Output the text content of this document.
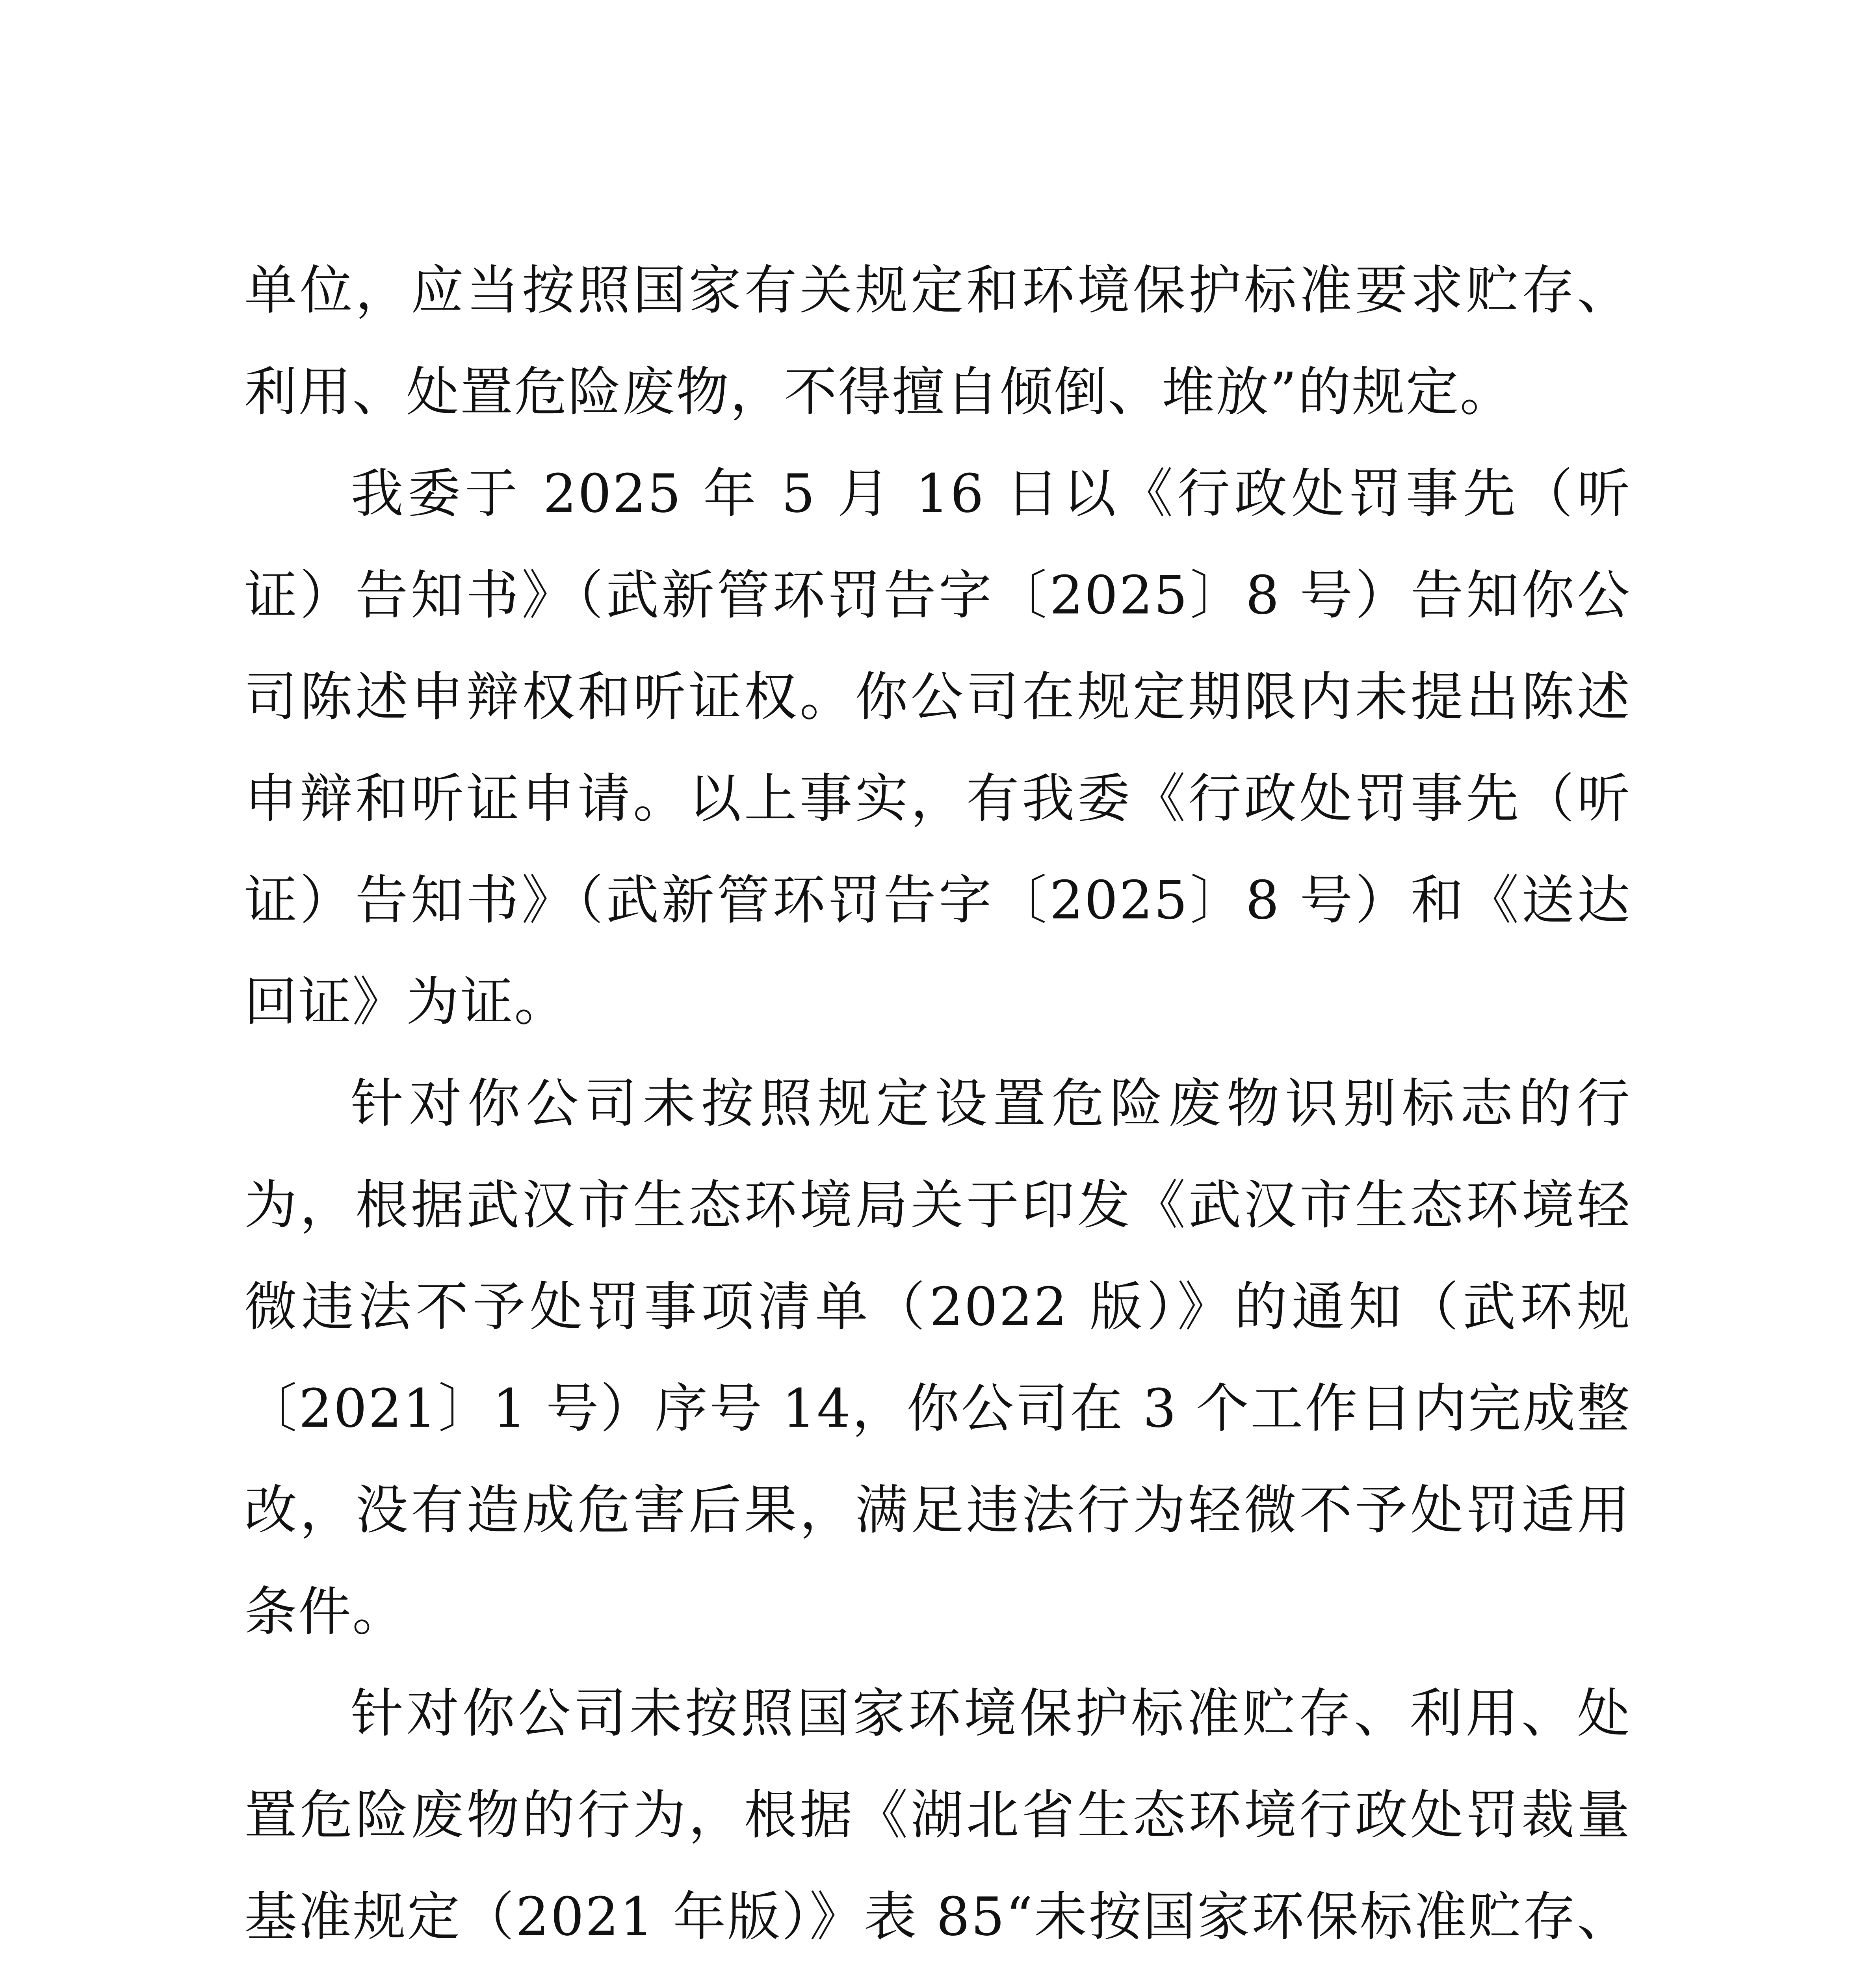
单位，应当按照国家有关规定和环境保护标准要求贮存、利用、处置危险废物，不得擅自倾倒、堆放”的规定。

我委于 2025 年 5 月 16 日以《行政处罚事先（听证）告知书》（武新管环罚告字〔2025〕8 号）告知你公司陈述申辩权和听证权。你公司在规定期限内未提出陈述申辩和听证申请。以上事实，有我委《行政处罚事先（听证）告知书》（武新管环罚告字〔2025〕8 号）和《送达回证》为证。

针对你公司未按照规定设置危险废物识别标志的行为，根据武汉市生态环境局关于印发《武汉市生态环境轻微违法不予处罚事项清单（2022 版）》的通知（武环规〔2021〕1 号）序号 14，你公司在 3 个工作日内完成整改，没有造成危害后果，满足违法行为轻微不予处罚适用条件。

针对你公司未按照国家环境保护标准贮存、利用、处置危险废物的行为，根据《湖北省生态环境行政处罚裁量基准规定（2021 年版）》表 85“未按国家环保标准贮存、
